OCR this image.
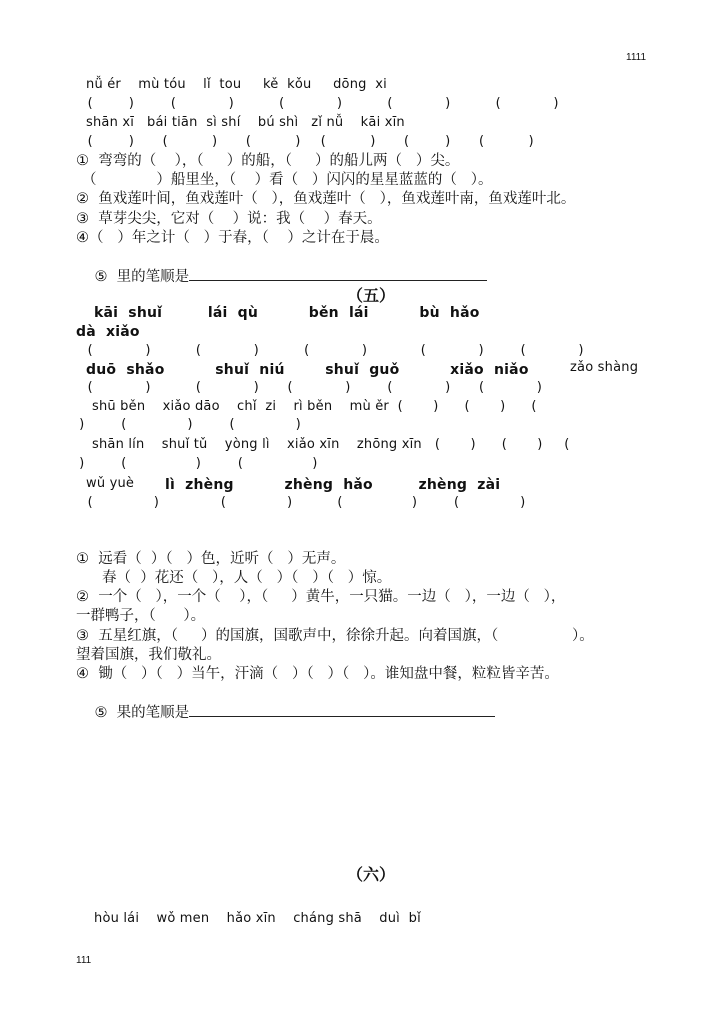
1111
nǚ ér    mù tóu    lǐ  tou     kě  kǒu     dōng  xi
(    )    (      )     (      )     (      )     (      )
shān xī   bái tiān  sì shí    bú shì   zǐ nǚ    kāi xīn
(    )   (     )   (     )  (     )   (    )   (     )
①  弯弯的（    ），（     ）的船，（     ）的船儿两（   ）尖。
（             ）船里坐，（    ）看（   ）闪闪的星星蓝蓝的（   ）。
②  鱼戏莲叶间，鱼戏莲叶（   ），鱼戏莲叶（   ），鱼戏莲叶南，鱼戏莲叶北。
③  草芽尖尖，它对（    ）说：我（    ）春天。
④（   ）年之计（   ）于春，（    ）之计在于晨。

⑤  里的笔顺是

（五）
kāi  shuǐ         lái  qù          běn  lái          bù  hǎo
dà  xiǎo
(      )     (      )     (      )      (      )    (      )
duō  shǎo          shuǐ  niú        shuǐ  guǒ          xiǎo  niǎo	zǎo shàng
(      )     (      )   (      )    (      )   (      )
shū běn    xiǎo dāo    chǐ  zi    rì běn    mù ěr  (       )      (       )      (
)    (       )    (       )
shān lín    shuǐ tǔ    yòng lì    xiǎo xīn    zhōng xīn   (       )      (       )     (
)    (        )    (        )
wǔ yuè lì  zhèng          zhèng  hǎo         zhèng  zài
(       )       (       )     (        )    (       )
①  远看（  ）（   ）色，近听（   ）无声。
春（  ）花还（   ），人（   ）（   ）（   ）惊。
②  一个（   ），一个（    ），（     ）黄牛，一只猫。一边（   ），一边（   ），
一群鸭子，（      ）。
③  五星红旗，（     ）的国旗，国歌声中，徐徐升起。向着国旗，（                ）。
望着国旗，我们敬礼。
④  锄（   ）（   ）当午，汗滴（   ）（   ）（   ）。谁知盘中餐，粒粒皆辛苦。

⑤  果的笔顺是

（六）
hòu lái    wǒ men    hǎo xīn    cháng shā    duì  bǐ
111
